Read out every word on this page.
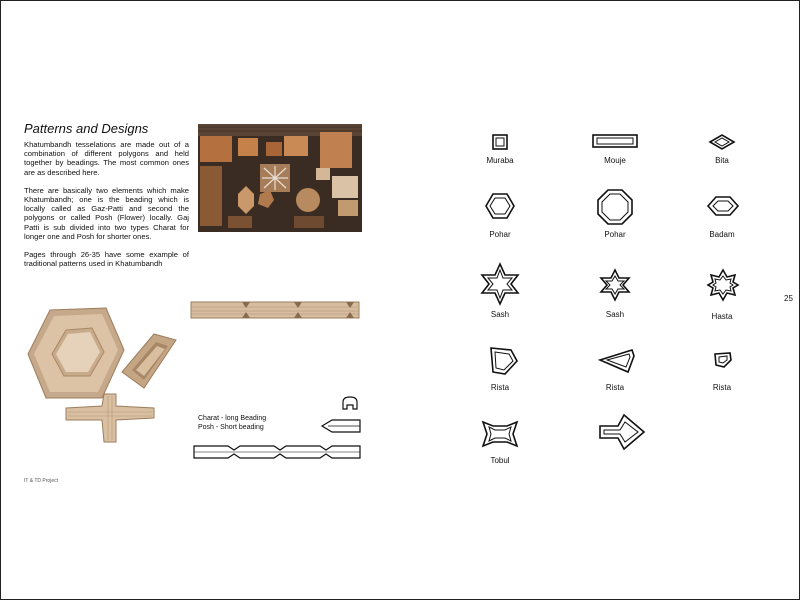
Patterns and Designs

Khatumbandh tesselations are made out of a combination of different polygons and held together by beadings. The most common ones are as described here.

There are basically two elements which make Khatumbandh; one is the beading which is locally called as Gaz-Patti and second the polygons or called Posh (Flower) locally. Gaj Patti is sub divided into two types Charat for longer one and Posh for shorter ones.

Pages through 26-35 have some example of traditional patterns used in Khatumbandh

Charat - long Beading
Posh - Short beading
IT & TD Project
25
Muraba	Mouje	Bita
Pohar	Pohar	Badam
Sash	Sash	Hasta
Rista	Rista	Rista
Tobul
